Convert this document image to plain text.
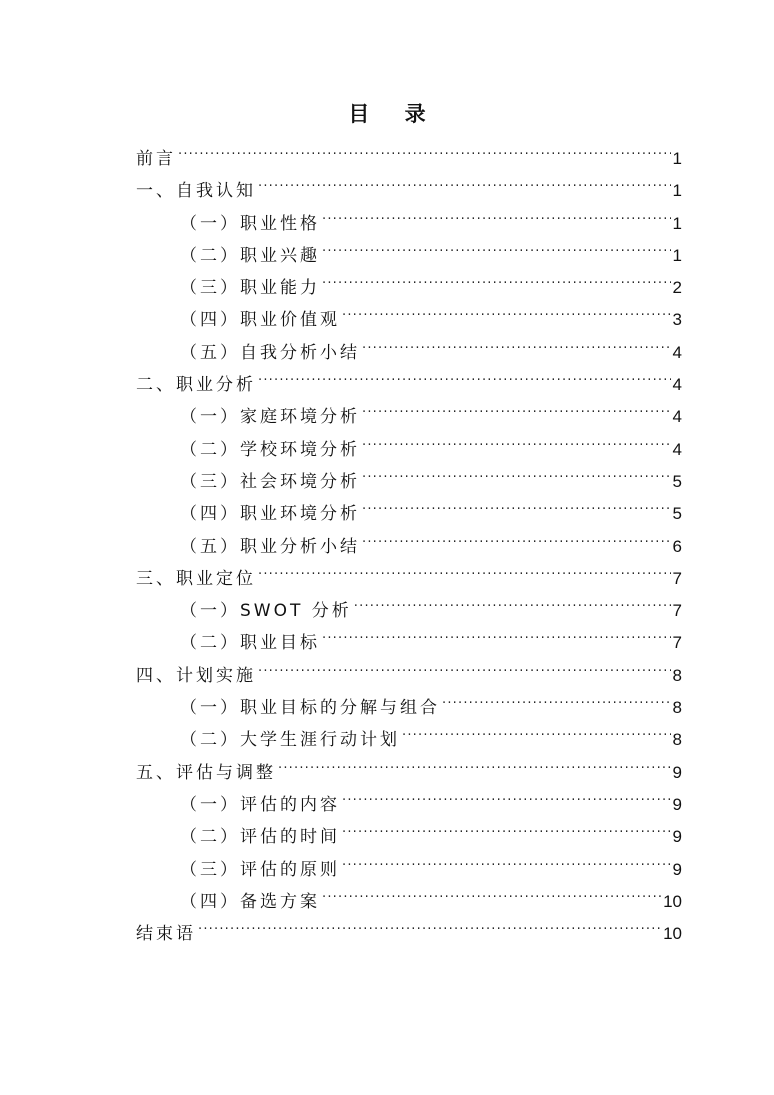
目 录
前言 .....	1
一、自我认知 .....	1
（一）职业性格 .....	1
（二）职业兴趣 .....	1
（三）职业能力 .....	2
（四）职业价值观 .....	3
（五）自我分析小结 .....	4
二、职业分析 .....	4
（一）家庭环境分析 .....	4
（二）学校环境分析 .....	4
（三）社会环境分析 .....	5
（四）职业环境分析 .....	5
（五）职业分析小结 .....	6
三、职业定位 .....	7
（一）SWOT 分析 .....	7
（二）职业目标 .....	7
四、计划实施 .....	8
（一）职业目标的分解与组合 .....	8
（二）大学生涯行动计划 .....	8
五、评估与调整 .....	9
（一）评估的内容 .....	9
（二）评估的时间 .....	9
（三）评估的原则 .....	9
（四）备选方案 .....	10
结束语 .....	10
